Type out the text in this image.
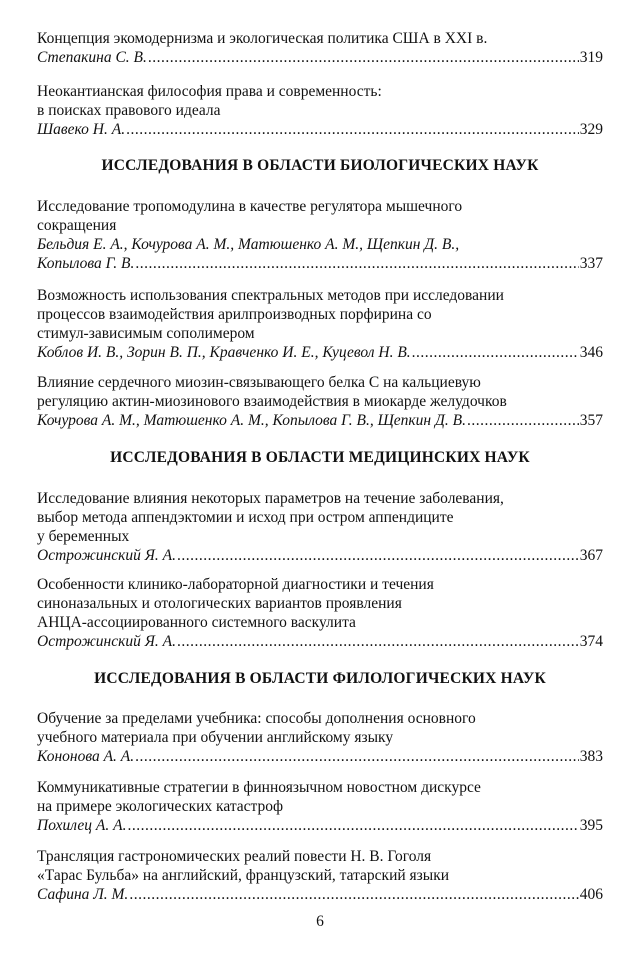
Концепция экомодернизма и экологическая политика США в XXI в.
Степакина С. В. .....	319
Неокантианская философия права и современность:
в поисках правового идеала
Шавеко Н. А. .....	329
ИССЛЕДОВАНИЯ В ОБЛАСТИ БИОЛОГИЧЕСКИХ НАУК
Исследование тропомодулина в качестве регулятора мышечного
сокращения
Бельдия Е. А., Кочурова А. М., Матюшенко А. М., Щепкин Д. В.,
Копылова Г. В. .....	337
Возможность использования спектральных методов при исследовании
процессов взаимодействия арилпроизводных порфирина со
стимул-зависимым сополимером
Коблов И. В., Зорин В. П., Кравченко И. Е., Куцевол Н. В. .....	346
Влияние сердечного миозин-связывающего белка С на кальциевую
регуляцию актин-миозинового взаимодействия в миокарде желудочков
Кочурова А. М., Матюшенко А. М., Копылова Г. В., Щепкин Д. В. .....	357
ИССЛЕДОВАНИЯ В ОБЛАСТИ МЕДИЦИНСКИХ НАУК
Исследование влияния некоторых параметров на течение заболевания,
выбор метода аппендэктомии и исход при остром аппендиците
у беременных
Острожинский Я. А. .....	367
Особенности клинико-лабораторной диагностики и течения
синоназальных и отологических вариантов проявления
АНЦА-ассоциированного системного васкулита
Острожинский Я. А. .....	374
ИССЛЕДОВАНИЯ В ОБЛАСТИ ФИЛОЛОГИЧЕСКИХ НАУК
Обучение за пределами учебника: способы дополнения основного
учебного материала при обучении английскому языку
Кононова А. А. .....	383
Коммуникативные стратегии в финноязычном новостном дискурсе
на примере экологических катастроф
Похилец А. А. .....	395
Трансляция гастрономических реалий повести Н. В. Гоголя
«Тарас Бульба» на английский, французский, татарский языки
Сафина Л. М. .....	406
6
